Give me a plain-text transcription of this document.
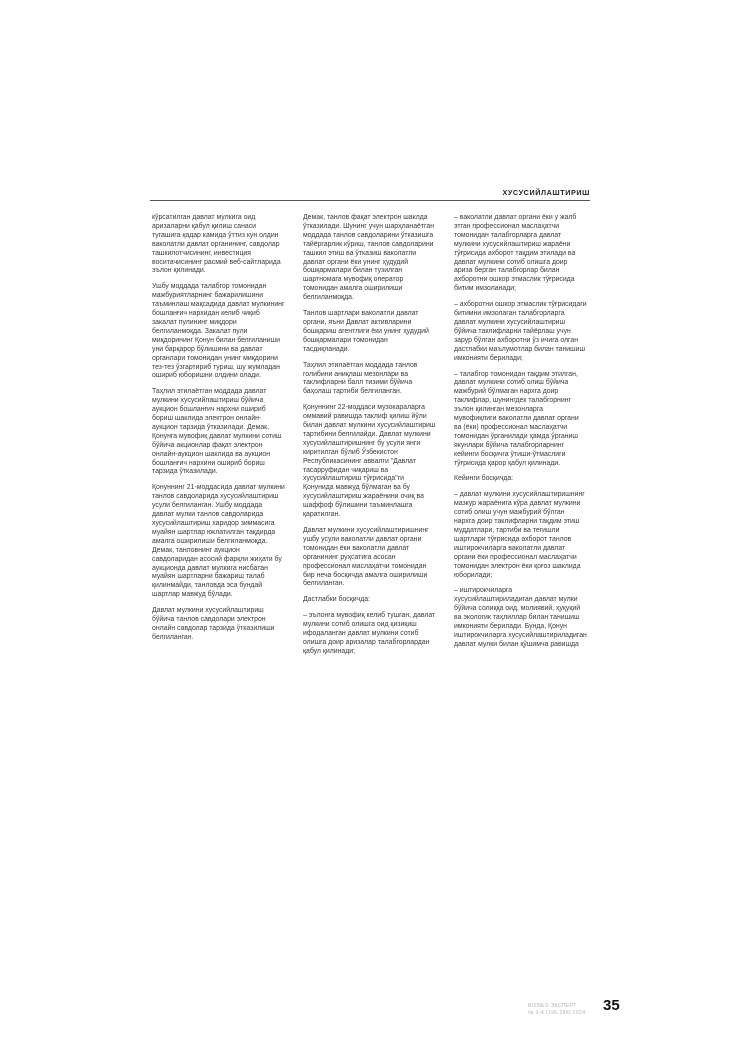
ХУСУСИЙЛАШТИРИШ

кўрсатилган давлат мулкига оид аризаларни қабул қилиш санаси тугашига қадар камида ўттиз кун олдин ваколатли давлат органининг, савдолар ташкилотчисининг, инвестиция воситачисининг расмий веб-сайтларида эълон қилинади.

Ушбу моддада талабгор томонидан мажбуриятларнинг бажарилишини таъминлаш мақсадида давлат мулкининг бошланғич нархидан келиб чиқиб закалат пулининг миқдори белгиланмоқда. Закалат пули миқдорининг Қонун билан белгиланиши уни барқарор бўлишини ва давлат органлари томонидан унинг миқдорини тез-тез ўзгартириб туриш, шу жумладан ошириб юборишни олдини олади.

Таҳлил этилаётган моддада давлат мулкини хусусийлаштириш бўйича аукцион бошланғич нархни ошириб бориш шаклида электрон онлайн-аукцион тарзида ўтказилади. Демак, Қонунга мувофиқ давлат мулкини сотиш бўйича акциoнлар фақат электрон онлайн-аукцион шаклида ва аукцион бошланғич нархини ошириб бориш тарзида ўтказилади.

Қонуннинг 21-моддасида давлат мулкини танлов савдоларида хусусийлаштириш усули белгиланган. Ушбу моддада давлат мулки танлов савдоларида хусусийлаштириш харидор зиммасига муайян шартлар юклатилган тақдирда амалга оширилиши белгиланмоқда. Демак, танловнинг аукцион савдоларидан асосий фарқли жиҳати бу аукционда давлат мулкига нисбатан муайян шартларни бажариш талаб қилинмайди, танловда эса бундай шартлар мавжуд бўлади.

Давлат мулкини хусусийлаштириш бўйича танлов савдолари электрон онлайн савдолар тарзида ўтказилиши белгиланган.

Демак, танлов фақат электрон шаклда ўтказилади. Шунинг учун шарҳланаётган моддада танлов савдоларини ўтказишга тайёргарлик кўриш, танлов савдоларини ташкил этиш ва ўтказиш ваколатли давлат органи ёки унинг ҳудудий бошқармалари билан тузилган шартномага мувофиқ оператор томонидан амалга оширилиши белгиланмоқда.

Танлов шартлари ваколатли давлат органи, яъни Давлат активларини бошқариш агентлиги ёки унинг ҳудудий бошқармалари томонидан тасдиқланади.

Таҳлил этилаётган моддада танлов голибини аниқлаш мезонлари ва таклифларни балл тизими бўйича баҳолаш тартиби белгиланган.

Қонуннинг 22-моддаси музокараларга оммавий равишда таклиф қилиш йўли билан давлат мулкини хусусийлаштириш тартибини белгилайди. Давлат мулкини хусусийлаштиришнинг бу усули янги киритилган бўлиб Ўзбекистон Республикасининг аввалги "Давлат тасарруфидан чиқариш ва хусусийлаштириш тўғрисида"ги Қонунида мавжуд бўлмаган ва бу хусусийлаштириш жараёнини очиқ ва шаффоф бўлишини таъминлашга қаратилган.

Давлат мулкини хусусийлаштиришнинг ушбу усули ваколатли давлат органи томонидан ёки ваколатли давлат органининг руҳсатига асосан профессионал маслаҳатчи томонидан бир неча босқичда амалга оширилиши белгиланган.

Дастлабки босқичда:

– эълонга мувофиқ келиб тушган, давлат мулкини сотиб олишга оид қизиқиш ифодаланган давлат мулкини сотиб олишга доир аризалар талабгорлардан қабул қилинади;

– ваколатли давлат органи ёки у жалб этган профессионал маслаҳатчи томонидан талабгорларга давлат мулкини хусусийлаштириш жараёни тўғрисида ахборот тақдим этилади ва давлат мулкини сотиб олишга доир ариза берган талабгорлар билан ахборотни ошкор этмаслик тўғрисида битим имзоланади;

– ахборотни ошкор этмаслик тўғрисидаги битимни имзолаган талабгорларга давлат мулкини хусусийлаштириш бўйича таклифларни тайёрлаш учун зарур бўлган ахборотни ўз ичига олган дастлабки маълумотлар билан танишиш имконияти берилади;

– талабгор томонидан тақдим этилган, давлат мулкини сотиб олиш бўйича мажбурий бўлмаган нархга доир таклифлар, шунингдек талабгорнинг эълон қилинган мезонларга мувофиқлиги ваколатли давлат органи ва (ёки) профессионал маслаҳатчи томонидан ўрганилади ҳамда ўрганиш якунлари бўйича талабгорларнинг кейинги босқичга ўтиши-ўтмаслиги тўғрисида қарор қабул қилинади.

Кейинги босқичда:

– давлат мулкини хусусийлаштиришнинг мазкур жараёнига кўра давлат мулкини сотиб олиш учун мажбурий бўлган нархга доир таклифларни тақдим этиш муддатлари, тартиби ва тегишли шартлари тўғрисида ахборот танлов иштирокчиларга ваколатли давлат органи ёки профессионал маслаҳатчи томонидан электрон ёки қоғоз шаклида юборилади;

– иштирокчиларга хусусийлаштириладиган давлат мулки бўйича солиққа оид, молиявий, ҳуқуқий ва экологик таҳлиллар билан танишиш имконияти берилади. Бунда, Қонун иштирокчиларга хусусийлаштириладиган давлат мулки билан қўшимча равишда

BIZNES-ЭКСПЕРТ
№ 3-4 (195-196) 2024 35
